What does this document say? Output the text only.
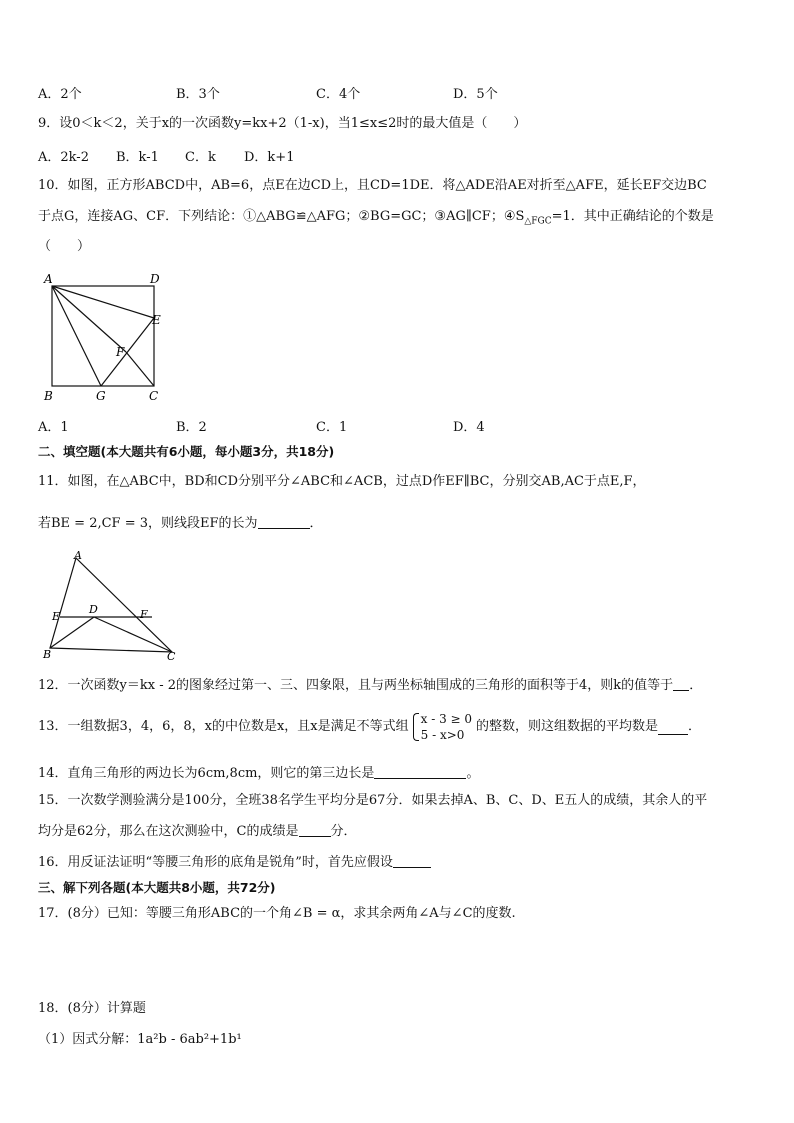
A．2个	B．3个	C．4个	D．5个
9．设0＜k＜2，关于x的一次函数y=kx+2（1-x)，当1≤x≤2时的最大值是（　　）
A．2k-2 B．k-1 C．k D．k+1
10．如图，正方形ABCD中，AB=6，点E在边CD上，且CD=1DE．将△ADE沿AE对折至△AFE，延长EF交边BC
于点G，连接AG、CF．下列结论：①△ABG≌△AFG；②BG=GC；③AG∥CF；$④S_{\triangle FGC}=1$．其中正确结论的个数是
（　　）
A	D
E
F
B	G	C
A．1	B．2	C．1	D．4
二、填空题(本大题共有6小题，每小题3分，共18分)
11．如图，在△ABC中，BD和CD分别平分∠ABC和∠ACB，过点D作EF∥BC，分别交AB,AC于点E,F，
若BE = 2,CF = 3，则线段EF的长为	．
A
E
D	F
B	C
12．一次函数y＝kx - 2的图象经过第一、三、四象限，且与两坐标轴围成的三角形的面积等于4，则k的值等于 ．
13．一组数据3，4，6，8，x的中位数是x，且x是满足不等式组 x - 3 ≥ 0
5 - x>0
的整数，则这组数据的平均数是 ．
14．直角三角形的两边长为6cm,8cm，则它的第三边长是	。
15．一次数学测验满分是100分，全班38名学生平均分是67分．如果去掉A、B、C、D、E五人的成绩，其余人的平
均分是62分，那么在这次测验中，C的成绩是 分．
16．用反证法证明“等腰三角形的底角是锐角”时，首先应假设
三、解下列各题(本大题共8小题，共72分)
17．(8分）已知：等腰三角形ABC的一个角∠B = α，求其余两角∠A与∠C的度数.
18．(8分）计算题
（1）因式分解：1a²b - 6ab²+1b¹
